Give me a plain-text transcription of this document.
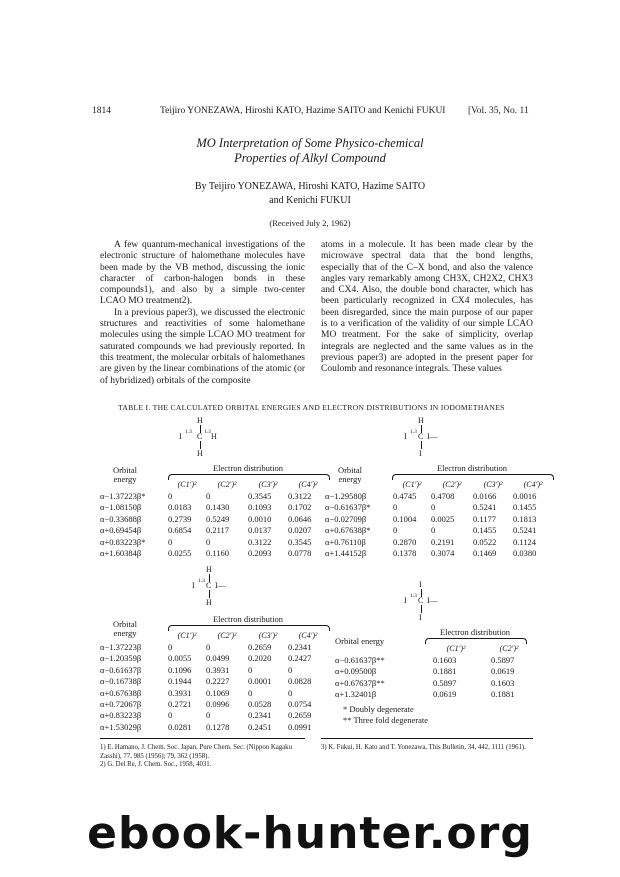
1814	Teijiro YONEZAWA, Hiroshi KATO, Hazime SAITO and Kenichi FUKUI [Vol. 35, No. 11
MO Interpretation of Some Physico-chemical
Properties of Alkyl Compound
By Teijiro YONEZAWA, Hiroshi KATO, Hazime SAITO
and Kenichi FUKUI
(Received July 2, 1962)

A few quantum-mechanical investigations of the electronic structure of halomethane molecules have been made by the VB method, discussing the ionic character of carbon-halogen bonds in these compounds1), and also by a simple two-center LCAO MO treatment2).

In a previous paper3), we discussed the electronic structures and reactivities of some halomethane molecules using the simple LCAO MO treatment for saturated compounds we had previously reported. In this treatment, the molecular orbitals of halomethanes are given by the linear combinations of the atomic (or of hybridized) orbitals of the composite

atoms in a molecule. It has been made clear by the microwave spectral data that the bond lengths, especially that of the C–X bond, and also the valence angles vary remarkably among CH3X, CH2X2, CHX3 and CX4. Also, the double bond character, which has been particularly recognized in CX4 molecules, has been disregarded, since the main purpose of our paper is to a verification of the validity of our simple LCAO MO treatment. For the sake of simplicity, overlap integrals are neglected and the same values as in the previous paper3) are adopted in the present paper for Coulomb and resonance integrals. These values

TABLE I. THE CALCULATED ORBITAL ENERGIES AND ELECTRON DISTRIBUTIONS IN IODOMETHANES
H
I 1.3 C 1.3 H
H
H
I 1.3 C I—
I
Orbital
energy
Electron distribution
	(C1′)²	(C2′)²	(C3′)²	(C4′)²
α−1.37223β*	0	0	0.3545	0.3122
α−1.08150β	0.0183	0.1430	0.1093	0.1702
α−0.33688β	0.2739	0.5249	0.0010	0.0646
α+0.69454β	0.6854	0.2117	0.0137	0.0207
α+0.83223β*	0	0	0.3122	0.3545
α+1.60384β	0.0255	0.1160	0.2093	0.0778
Orbital
energy
Electron distribution
	(C1′)²	(C2′)²	(C3′)²	(C4′)²
α−1.29580β	0.4745	0.4708	0.0166	0.0016
α−0.61637β*	0	0	0.5241	0.1455
α−0.02709β	0.1004	0.0025	0.1177	0.1813
α+0.67638β*	0	0	0.1455	0.5241
α+0.76110β	0.2870	0.2191	0.0522	0.1124
α+1.44152β	0.1378	0.3074	0.1469	0.0380
H
I 1.3 C I—
H
Orbital
energy
Electron distribution
	(C1′)²	(C2′)²	(C3′)²	(C4′)²
α−1.37223β	0	0	0.2659	0.2341
α−1.20359β	0.0055	0.0499	0.2020	0.2427
α−0.61637β	0.1096	0.3931	0	0
α−0.16738β	0.1944	0.2227	0.0001	0.0828
α+0.67638β	0.3931	0.1069	0	0
α+0.72067β	0.2721	0.0996	0.0528	0.0754
α+0.83223β	0	0	0.2341	0.2659
α+1.53029β	0.0281	0.1278	0.2451	0.0991
I
I 1.3 C I—
I
Orbital energy
Electron distribution
	(C1′)²	(C2′)²
α−0.61637β**	0.1603	0.5897
α+0.09500β	0.1881	0.0619
α+0.67637β**	0.5897	0.1603
α+1.32401β	0.0619	0.1881
* Doubly degenerate
** Three fold degenerate
1) E. Hamano, J. Chem. Soc. Japan, Pure Chem. Sec. (Nippon Kagaku Zasshi), 77, 985 (1956); 79, 362 (1958).
2) G. Del Re, J. Chem. Soc., 1958, 4031.
3) K. Fukui, H. Kato and T. Yonezawa, This Bulletin, 34, 442, 1111 (1961).
ebook-hunter.org
